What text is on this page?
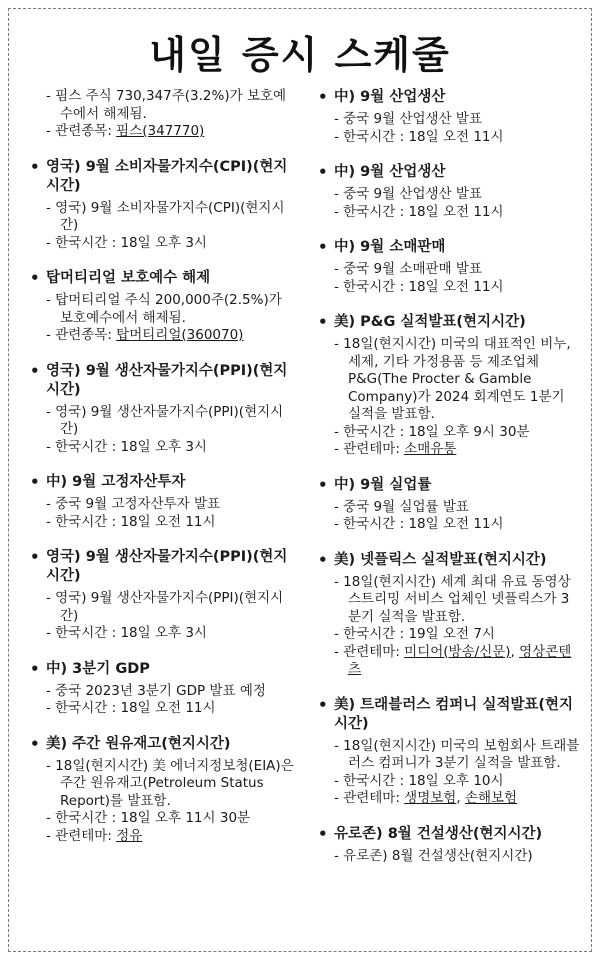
내일 증시 스케줄
- 핌스 주식 730,347주(3.2%)가 보호예수에서 해제됨.
- 관련종목: 핌스(347770)
• 영국) 9월 소비자물가지수(CPI)(현지시간)
- 영국) 9월 소비자물가지수(CPI)(현지시간)
- 한국시간 : 18일 오후 3시
• 탑머티리얼 보호예수 해제
- 탑머티리얼 주식 200,000주(2.5%)가 보호예수에서 해제됨.
- 관련종목: 탑머티리얼(360070)
• 영국) 9월 생산자물가지수(PPI)(현지시간)
- 영국) 9월 생산자물가지수(PPI)(현지시간)
- 한국시간 : 18일 오후 3시
• 中) 9월 고정자산투자
- 중국 9월 고정자산투자 발표
- 한국시간 : 18일 오전 11시
• 영국) 9월 생산자물가지수(PPI)(현지시간)
- 영국) 9월 생산자물가지수(PPI)(현지시간)
- 한국시간 : 18일 오후 3시
• 中) 3분기 GDP
- 중국 2023년 3분기 GDP 발표 예정
- 한국시간 : 18일 오전 11시
• 美) 주간 원유재고(현지시간)
- 18일(현지시간) 美 에너지정보청(EIA)은 주간 원유재고(Petroleum Status Report)를 발표함.
- 한국시간 : 18일 오후 11시 30분
- 관련테마: 정유
• 中) 9월 산업생산
- 중국 9월 산업생산 발표
- 한국시간 : 18일 오전 11시
• 中) 9월 산업생산
- 중국 9월 산업생산 발표
- 한국시간 : 18일 오전 11시
• 中) 9월 소매판매
- 중국 9월 소매판매 발표
- 한국시간 : 18일 오전 11시
• 美) P&G 실적발표(현지시간)
- 18일(현지시간) 미국의 대표적인 비누, 세제, 기타 가정용품 등 제조업체 P&G(The Procter & Gamble Company)가 2024 회계연도 1분기 실적을 발표함.
- 한국시간 : 18일 오후 9시 30분
- 관련테마: 소매유통
• 中) 9월 실업률
- 중국 9월 실업률 발표
- 한국시간 : 18일 오전 11시
• 美) 넷플릭스 실적발표(현지시간)
- 18일(현지시간) 세계 최대 유료 동영상 스트리밍 서비스 업체인 넷플릭스가 3분기 실적을 발표함.
- 한국시간 : 19일 오전 7시
- 관련테마: 미디어(방송/신문), 영상콘텐츠
• 美) 트래블러스 컴퍼니 실적발표(현지시간)
- 18일(현지시간) 미국의 보험회사 트래블러스 컴퍼니가 3분기 실적을 발표함.
- 한국시간 : 18일 오후 10시
- 관련테마: 생명보험, 손해보험
• 유로존) 8월 건설생산(현지시간)
- 유로존) 8월 건설생산(현지시간)
